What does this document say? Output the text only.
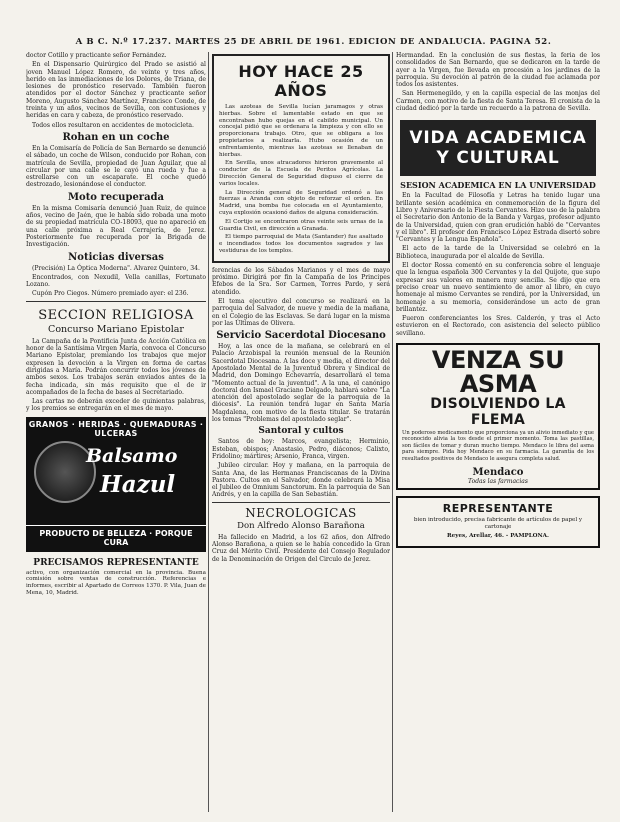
A B C. N.º 17.237. MARTES 25 DE ABRIL DE 1961. EDICION DE ANDALUCIA. PAGINA 52.

doctor Cotillo y practicante señor Fernández.

En el Dispensario Quirúrgico del Prado se asistió al joven Manuel López Romero, de veinte y tres años, herido en las inmediaciones de los Dolores, de Triana, de lesiones de pronóstico reservado. También fueron atendidos por el doctor Sánchez y practicante señor Moreno, Augusto Sánchez Martínez, Francisco Conde, de treinta y un años, vecinos de Sevilla, con contusiones y heridas en cara y cabeza, de pronóstico reservado.

Todos ellos resultaron en accidentes de motocicleta.

Rohan en un coche

En la Comisaría de Policía de San Bernardo se denunció el sábado, un coche de Wilson, conducido por Rohan, con matrícula de Sevilla, propiedad de Juan Aguilar, que al circular por una calle se le cayó una rueda y fue a estrellarse con un escaparate. El coche quedó destrozado, lesionándose el conductor.

Moto recuperada

En la misma Comisaría denunció Juan Ruiz, de quince años, vecino de Jaén, que le había sido robada una moto de su propiedad matrícula CO-18093, que no apareció en una calle próxima a Real Cerrajería, de Jerez. Posteriormente fue recuperada por la Brigada de Investigación.

Noticias diversas

(Precisión) La Óptica Moderna". Alvarez Quintero, 34.

Encontrados, con Nexudil, Vella canillas, Fortunato Lozano.

Cupón Pro Ciegos. Número premiado ayer: el 236.

SECCION RELIGIOSA
Concurso Mariano Epistolar

La Campaña de la Pontificia Junta de Acción Católica en honor de la Santísima Virgen María, convoca el Concurso Mariano Epistolar, premiando los trabajos que mejor expresen la devoción a la Virgen en forma de cartas dirigidas a María. Podrán concurrir todos los jóvenes de ambos sexos. Los trabajos serán enviados antes de la fecha indicada, sin más requisito que el de ir acompañados de la fecha de bases al Secretariado.

Las cartas no deberán exceder de quinientas palabras, y los premios se entregarán en el mes de mayo.

GRANOS · HERIDAS · QUEMADURAS · ULCERAS
Balsamo
Hazul
PRODUCTO DE BELLEZA · PORQUE CURA
PRECISAMOS REPRESENTANTE

activo, con organización comercial en la provincia. Buena comisión sobre ventas de construcción. Referencias e informes, escribir al Apartado de Correos 1370. P. Vila, Juan de Mena, 10, Madrid.

HOY HACE 25 AÑOS

Las azoteas de Sevilla lucían jaramagos y otras hierbas. Sobre el lamentable estado en que se encontraban hubo quejas en el cabildo municipal. Un concejal pidió que se ordenara la limpieza y con ello se proporcionara trabajo. Otro, que se obligara a los propietarios a realizarla. Hubo ocasión de un enfrentamiento, mientras las azoteas se llenaban de hierbas.

En Sevilla, unos atracadores hirieron gravemente al conductor de la Escuela de Peritos Agrícolas. La Dirección General de Seguridad dispuso el cierre de varios locales.

La Dirección general de Seguridad ordenó a las fuerzas a Aranda con objeto de reforzar el orden. En Madrid, una bomba fue colocada en el Ayuntamiento, cuya explosión ocasionó daños de alguna consideración.

El Cortijo se encontraron otras veinte seis urnas de la Guardia Civil, en dirección a Granada.

El tiempo parroquial de Mata (Santander) fue asaltado e incendiados todos los documentos sagrados y las vestiduras de los templos.

ferencias de los Sábados Marianos y el mes de mayo próximo. Dirigirá por fin la Campaña de los Principes Efebos de la Sra. Sor Carmen, Torres Pardo, y será atendido.

El tema ejecutivo del concurso se realizará en la parroquia del Salvador, de nueve y media de la mañana, en el Colegio de las Esclavas. Se dará lugar en la misma por las Últimas de Olivera.

Servicio Sacerdotal Diocesano

Hoy, a las once de la mañana, se celebrará en el Palacio Arzobispal la reunión mensual de la Reunión Sacerdotal Diocesana. A las doce y media, el director del Apostolado Mental de la Juventud Obrera y Sindical de Madrid, don Domingo Echevarría, desarrollará el tema "Momento actual de la juventud". A la una, el canónigo doctoral don Ismael Graciano Delgado, hablará sobre "La atención del apostolado seglar de la parroquia de la diócesis". La reunión tendrá lugar en Santa María Magdalena, con motivo de la fiesta titular. Se tratarán los temas "Problemas del apostolado seglar".

Santoral y cultos

Santos de hoy: Marcos, evangelista; Herminio, Esteban, obispos; Anastasio, Pedro, diáconos; Calixto, Fridolino; mártires; Arsenio, Franca, virgen.

Jubileo circular. Hoy y mañana, en la parroquia de Santa Ana, de las Hermanas Franciscanas de la Divina Pastora. Cultos en el Salvador, donde celebrará la Misa el Jubileo de Omnium Sanctorum. En la parroquia de San Andrés, y en la capilla de San Sebastián.

NECROLOGICAS
Don Alfredo Alonso Barañona

Ha fallecido en Madrid, a los 62 años, don Alfredo Alonso Barañona, a quien se le había concedido la Gran Cruz del Mérito Civil. Presidente del Consejo Regulador de la Denominación de Origen del Circulo de Jerez.

Hermandad. En la conclusión de sus fiestas, la feria de los consolidados de San Bernardo, que se dedicaron en la tarde de ayer a la Virgen, fue llevada en procesión a los jardines de la parroquia. Su devoción al patrón de la ciudad fue aclamada por todos los asistentes.

San Hermenegildo, y en la capilla especial de las monjas del Carmen, con motivo de la fiesta de Santa Teresa. El cronista de la ciudad dedicó por la tarde un recuerdo a la patrona de Sevilla.

VIDA ACADEMICA
Y CULTURAL
SESION ACADEMICA EN LA UNIVERSIDAD

En la Facultad de Filosofía y Letras ha tenido lugar una brillante sesión académica en conmemoración de la figura del Libro y Aniversario de la Fiesta Cervantes. Hizo uso de la palabra el Secretario don Antonio de la Banda y Vargas, profesor adjunto de la Universidad, quien con gran erudición habló de "Cervantes y el libro". El profesor don Francisco López Estrada disertó sobre "Cervantes y la Lengua Española".

El acto de la tarde de la Universidad se celebró en la Biblioteca, inaugurada por el alcalde de Sevilla.

El doctor Rossa comentó en su conferencia sobre el lenguaje que la lengua española 300 Cervantes y la del Quijote, que supo expresar sus valores en manera muy sencilla. Se dijo que era preciso crear un nuevo sentimiento de amor al libro, en cuyo homenaje al mismo Cervantes se rendirá, por la Universidad, un homenaje a su memoria, considerándose un acto de gran brillantez.

Fueron conferenciantes los Sres. Calderón, y tras el Acto estuvieron en el Rectorado, con asistencia del selecto público sevillano.

VENZA SU ASMA
DISOLVIENDO LA FLEMA

Un poderoso medicamento que proporciona ya un alivio inmediato y que reconocido alivia la tos desde el primer momento. Toma las pastillas, son fáciles de tomar y duran mucho tiempo. Mendaco le libra del asma para siempre. Pida hoy Mendaco en su farmacia. La garantía de los resultados positivos de Mendaco le asegura completa salud.

Mendaco
Todas las farmacias
REPRESENTANTE

bien introducido, precisa fabricante de artículos de papel y cartonaje

Reyes, Arellar, 46. - PAMPLONA.
